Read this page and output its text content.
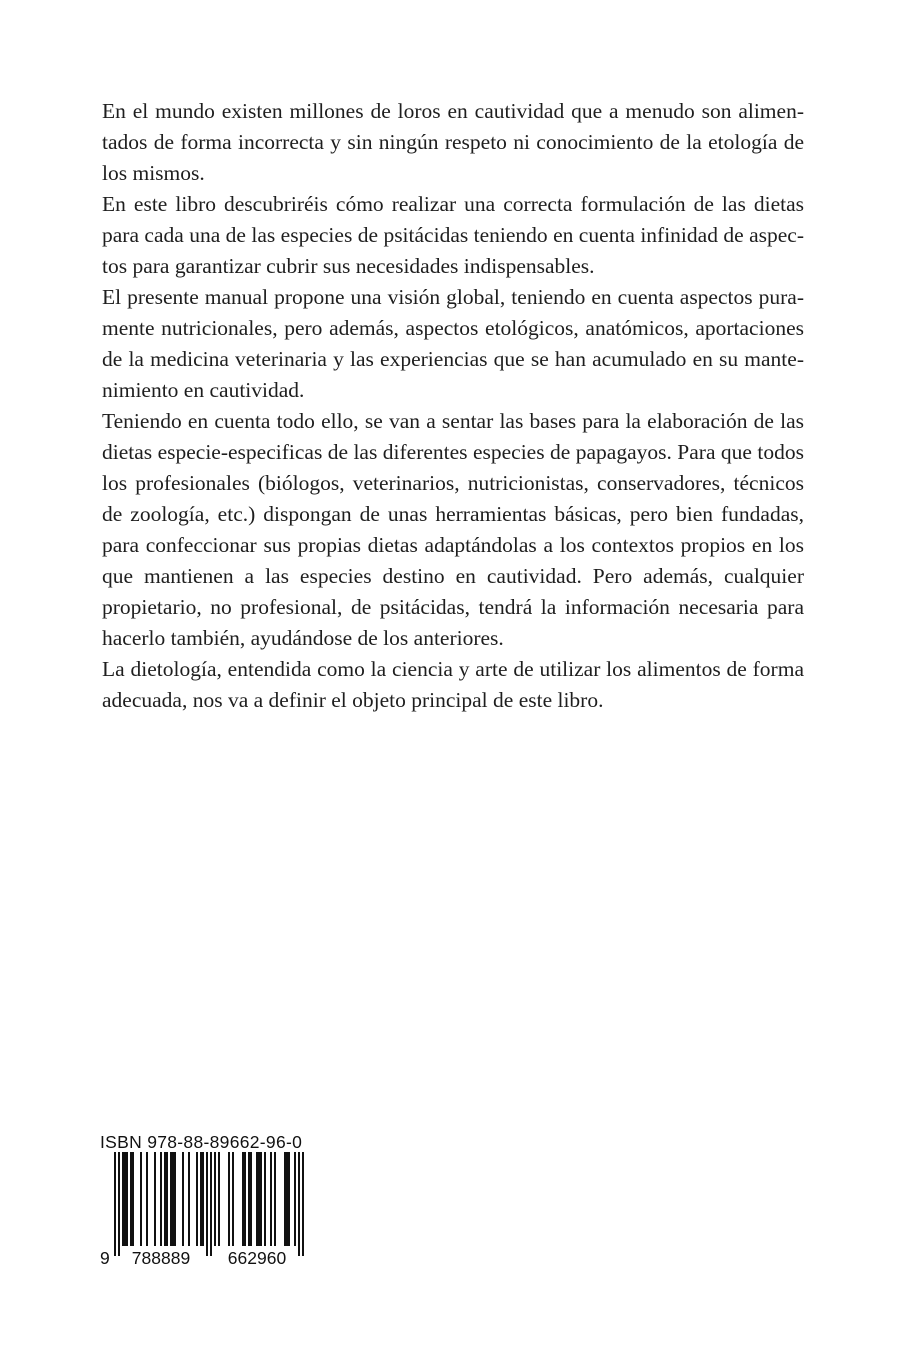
En el mundo existen millones de loros en cautividad que a menudo son alimentados de forma incorrecta y sin ningún respeto ni conocimiento de la etología de los mismos.

En este libro descubriréis cómo realizar una correcta formulación de las dietas para cada una de las especies de psitácidas teniendo en cuenta infinidad de aspectos para garantizar cubrir sus necesidades indispensables.

El presente manual propone una visión global, teniendo en cuenta aspectos puramente nutricionales, pero además, aspectos etológicos, anatómicos, aportaciones de la medicina veterinaria y las experiencias que se han acumulado en su mantenimiento en cautividad.

Teniendo en cuenta todo ello, se van a sentar las bases para la elaboración de las dietas especie-especificas de las diferentes especies de papagayos. Para que todos los profesionales (biólogos, veterinarios, nutricionistas, conservadores, técnicos de zoología, etc.) dispongan de unas herramientas básicas, pero bien fundadas, para confeccionar sus propias dietas adaptándolas a los contextos propios en los que mantienen a las especies destino en cautividad. Pero además, cualquier propietario, no profesional, de psitácidas, tendrá la información necesaria para hacerlo también, ayudándose de los anteriores.

La dietología, entendida como la ciencia y arte de utilizar los alimentos de forma adecuada, nos va a definir el objeto principal de este libro.

ISBN 978-88-89662-96-0
9 788889 662960
